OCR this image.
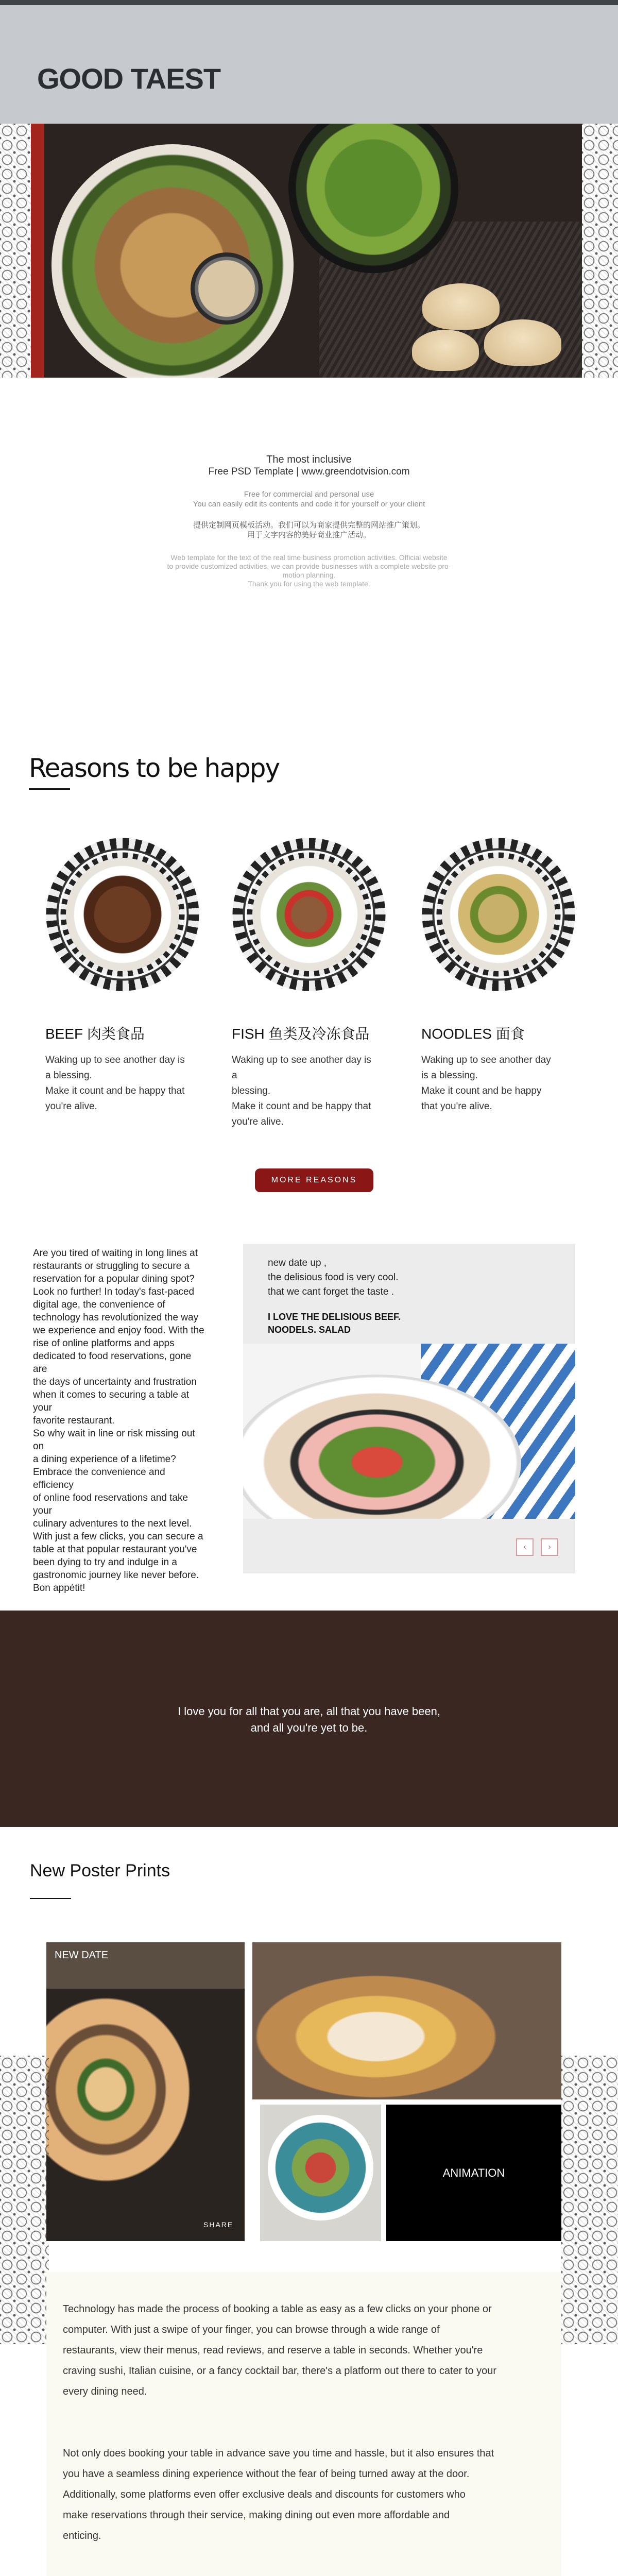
GOOD TAEST

The most inclusive

Free PSD Template | www.greendotvision.com

Free for commercial and personal use

You can easily edit its contents and code it for yourself or your client

提供定制网页模板活动。我们可以为商家提供完整的网站推广策划。

用于文字内容的美好商业推广活动。

Web template for the text of the real time business promotion activities. Official website

to provide customized activities, we can provide businesses with a complete website pro-

motion planning.

Thank you for using the web template.

Reasons to be happy
BEEF 肉类食品

Waking up to see another day is
a blessing.
Make it count and be happy that
you're alive.

FISH 鱼类及冷冻食品

Waking up to see another day is a
blessing.
Make it count and be happy that
you're alive.

NOODLES 面食

Waking up to see another day
is a blessing.
Make it count and be happy
that you're alive.

MORE REASONS
Are you tired of waiting in long lines at
restaurants or struggling to secure a
reservation for a popular dining spot?
Look no further! In today's fast-paced
digital age, the convenience of
technology has revolutionized the way
we experience and enjoy food. With the
rise of online platforms and apps
dedicated to food reservations, gone are
the days of uncertainty and frustration
when it comes to securing a table at your
favorite restaurant.
So why wait in line or risk missing out on
a dining experience of a lifetime?
Embrace the convenience and efficiency
of online food reservations and take your
culinary adventures to the next level.
With just a few clicks, you can secure a
table at that popular restaurant you've
been dying to try and indulge in a
gastronomic journey like never before.
Bon appétit!
new date up ,
the delisious food is very cool.
that we cant forget the taste .
I LOVE THE DELISIOUS BEEF.
NOODELS. SALAD
‹	›

I love you for all that you are, all that you have been,
and all you're yet to be.

New Poster Prints
NEW DATE
SHARE
ANIMATION

Technology has made the process of booking a table as easy as a few clicks on your phone or
computer. With just a swipe of your finger, you can browse through a wide range of
restaurants, view their menus, read reviews, and reserve a table in seconds. Whether you're
craving sushi, Italian cuisine, or a fancy cocktail bar, there's a platform out there to cater to your
every dining need.

Not only does booking your table in advance save you time and hassle, but it also ensures that
you have a seamless dining experience without the fear of being turned away at the door.
Additionally, some platforms even offer exclusive deals and discounts for customers who
make reservations through their service, making dining out even more affordable and
enticing.
